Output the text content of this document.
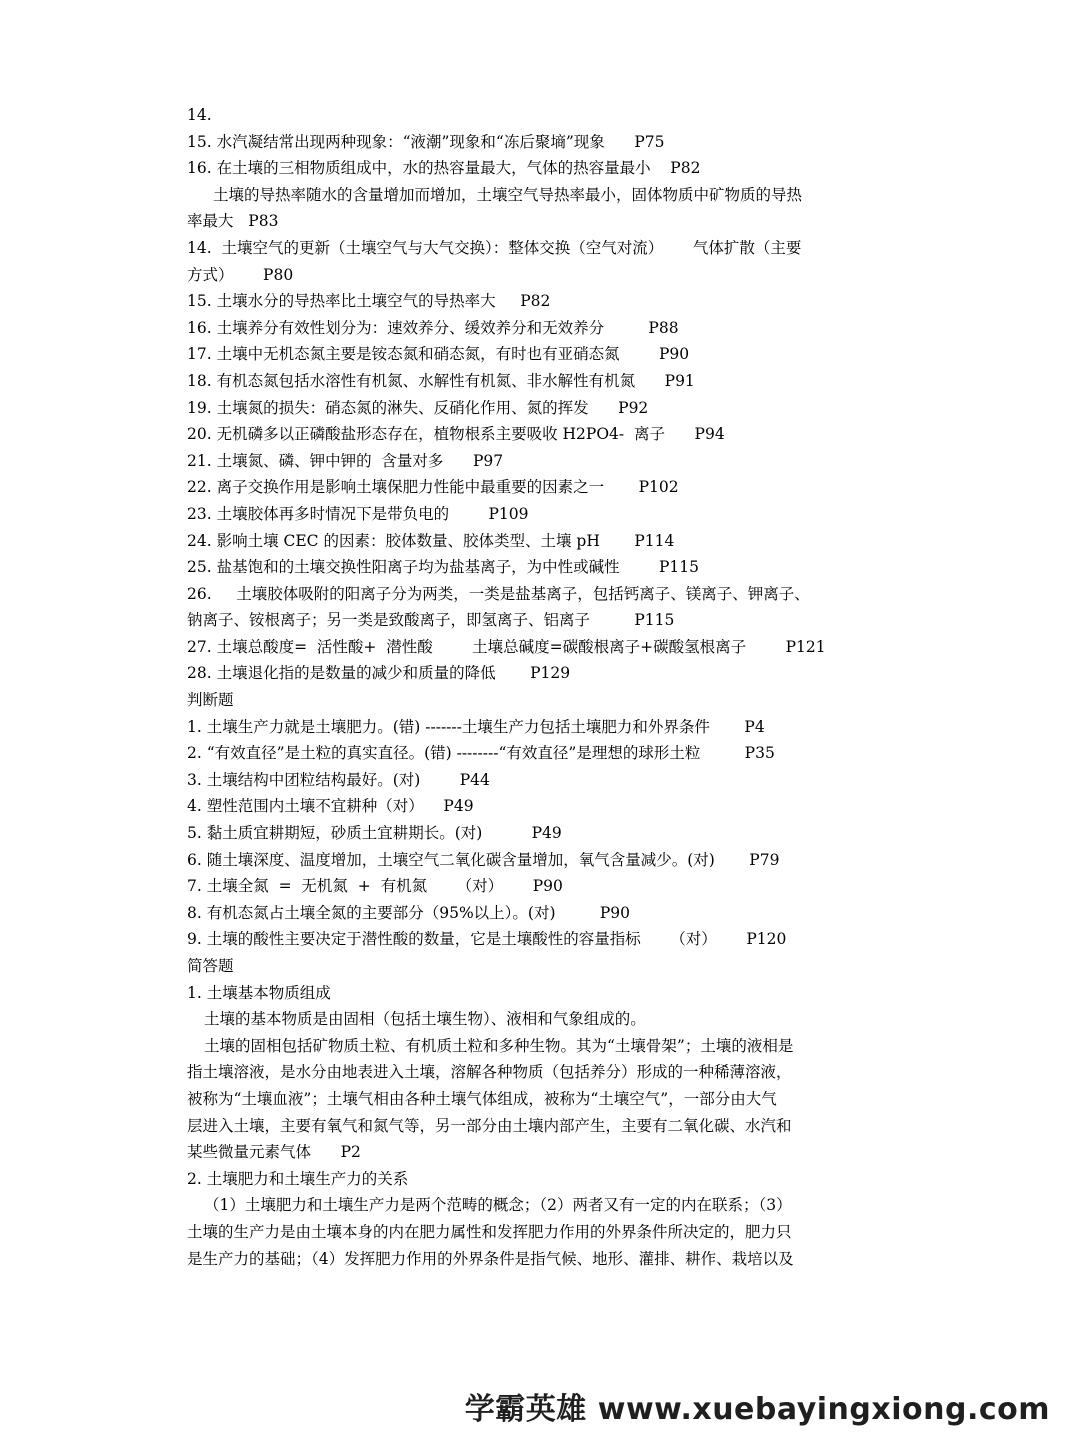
14.
15. 水汽凝结常出现两种现象：“液潮”现象和“冻后聚墒”现象      P75
16. 在土壤的三相物质组成中，水的热容量最大，气体的热容量最小    P82
土壤的导热率随水的含量增加而增加，土壤空气导热率最小，固体物质中矿物质的导热
率最大   P83
14.  土壤空气的更新（土壤空气与大气交换）：整体交换（空气对流）      气体扩散（主要
方式）      P80
15. 土壤水分的导热率比土壤空气的导热率大     P82
16. 土壤养分有效性划分为：速效养分、缓效养分和无效养分         P88
17. 土壤中无机态氮主要是铵态氮和硝态氮，有时也有亚硝态氮        P90
18. 有机态氮包括水溶性有机氮、水解性有机氮、非水解性有机氮      P91
19. 土壤氮的损失：硝态氮的淋失、反硝化作用、氮的挥发      P92
20. 无机磷多以正磷酸盐形态存在，植物根系主要吸收 H2PO4-  离子      P94
21. 土壤氮、磷、钾中钾的  含量对多      P97
22. 离子交换作用是影响土壤保肥力性能中最重要的因素之一       P102
23. 土壤胶体再多时情况下是带负电的        P109
24. 影响土壤 CEC 的因素：胶体数量、胶体类型、土壤 pH       P114
25. 盐基饱和的土壤交换性阳离子均为盐基离子，为中性或碱性        P115
26.     土壤胶体吸附的阳离子分为两类，一类是盐基离子，包括钙离子、镁离子、钾离子、
钠离子、铵根离子；另一类是致酸离子，即氢离子、铝离子         P115
27. 土壤总酸度=  活性酸+  潜性酸        土壤总碱度=碳酸根离子+碳酸氢根离子        P121
28. 土壤退化指的是数量的减少和质量的降低       P129
判断题
1. 土壤生产力就是土壤肥力。(错) -------土壤生产力包括土壤肥力和外界条件       P4
2. “有效直径”是土粒的真实直径。(错) --------“有效直径”是理想的球形土粒         P35
3. 土壤结构中团粒结构最好。(对)        P44
4. 塑性范围内土壤不宜耕种（对）    P49
5. 黏土质宜耕期短，砂质土宜耕期长。(对)          P49
6. 随土壤深度、温度增加，土壤空气二氧化碳含量增加，氧气含量减少。(对)       P79
7. 土壤全氮  =  无机氮  +  有机氮      （对）      P90
8. 有机态氮占土壤全氮的主要部分（95%以上）。(对)         P90
9. 土壤的酸性主要决定于潜性酸的数量，它是土壤酸性的容量指标      （对）      P120
简答题
1. 土壤基本物质组成
土壤的基本物质是由固相（包括土壤生物）、液相和气象组成的。
土壤的固相包括矿物质土粒、有机质土粒和多种生物。其为“土壤骨架”；土壤的液相是
指土壤溶液，是水分由地表进入土壤，溶解各种物质（包括养分）形成的一种稀薄溶液，
被称为“土壤血液”；土壤气相由各种土壤气体组成，被称为“土壤空气”，一部分由大气
层进入土壤，主要有氧气和氮气等，另一部分由土壤内部产生，主要有二氧化碳、水汽和
某些微量元素气体      P2
2. 土壤肥力和土壤生产力的关系
（1）土壤肥力和土壤生产力是两个范畴的概念；（2）两者又有一定的内在联系；（3）
土壤的生产力是由土壤本身的内在肥力属性和发挥肥力作用的外界条件所决定的，肥力只
是生产力的基础；（4）发挥肥力作用的外界条件是指气候、地形、灌排、耕作、栽培以及
学霸英雄 www.xuebayingxiong.com
